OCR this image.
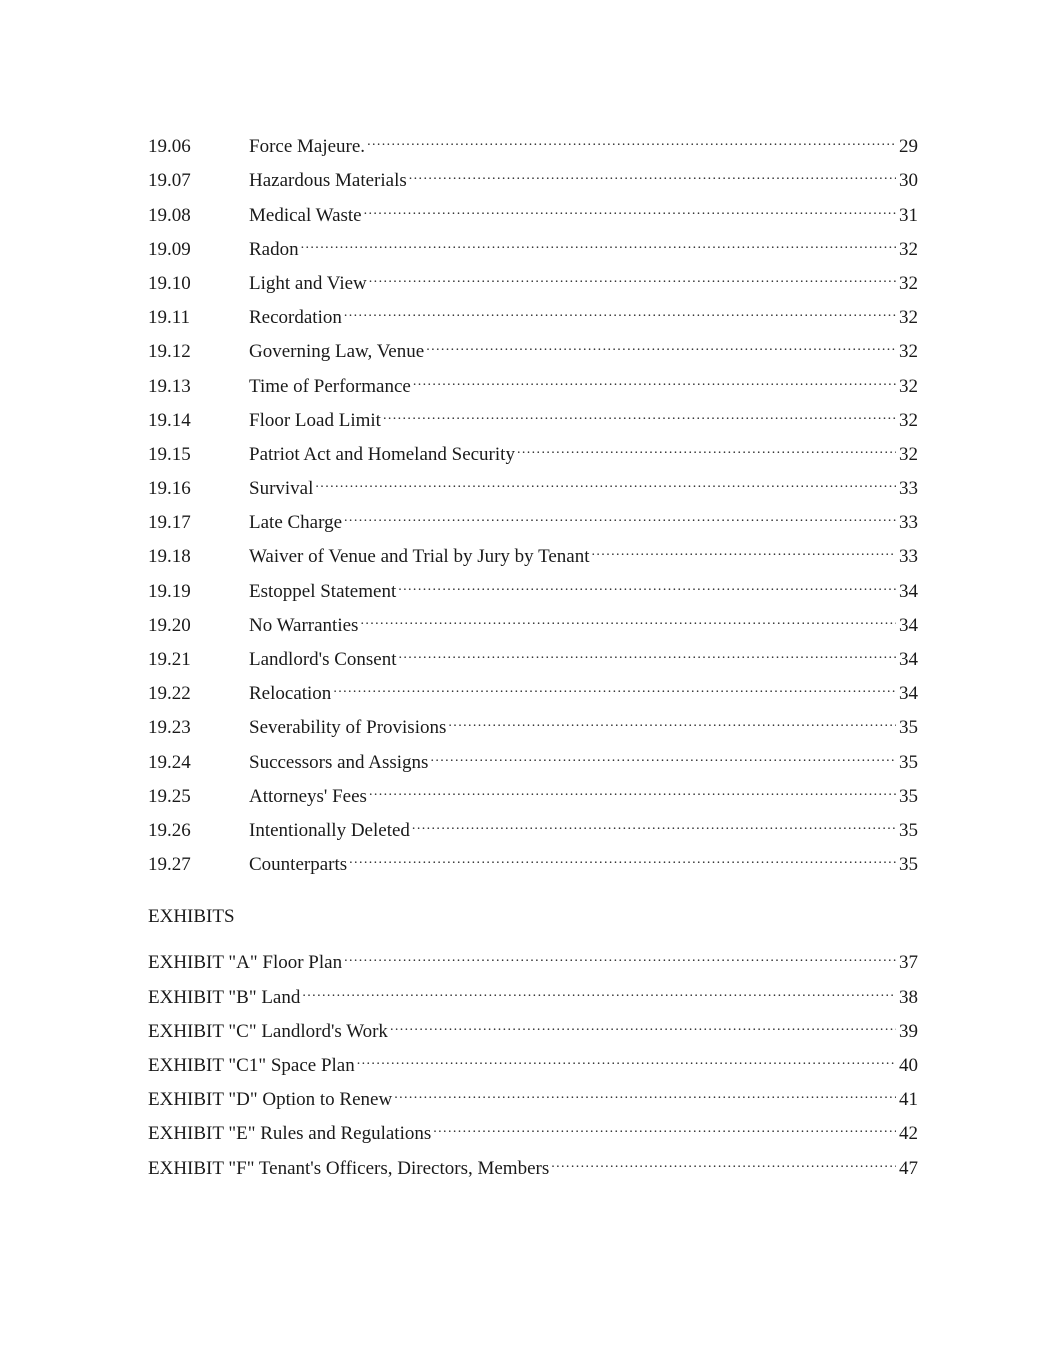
19.06	Force Majeure. .....	29
19.07	Hazardous Materials .....	30
19.08	Medical Waste .....	31
19.09	Radon .....	32
19.10	Light and View .....	32
19.11	Recordation .....	32
19.12	Governing Law, Venue .....	32
19.13	Time of Performance .....	32
19.14	Floor Load Limit .....	32
19.15	Patriot Act and Homeland Security .....	32
19.16	Survival .....	33
19.17	Late Charge .....	33
19.18	Waiver of Venue and Trial by Jury by Tenant .....	33
19.19	Estoppel Statement .....	34
19.20	No Warranties .....	34
19.21	Landlord's Consent .....	34
19.22	Relocation .....	34
19.23	Severability of Provisions .....	35
19.24	Successors and Assigns .....	35
19.25	Attorneys' Fees .....	35
19.26	Intentionally Deleted .....	35
19.27	Counterparts .....	35
EXHIBITS
EXHIBIT "A" Floor Plan .....	37
EXHIBIT "B" Land .....	38
EXHIBIT "C" Landlord's Work .....	39
EXHIBIT "C1" Space Plan .....	40
EXHIBIT "D" Option to Renew .....	41
EXHIBIT "E" Rules and Regulations .....	42
EXHIBIT "F" Tenant's Officers, Directors, Members .....	47
